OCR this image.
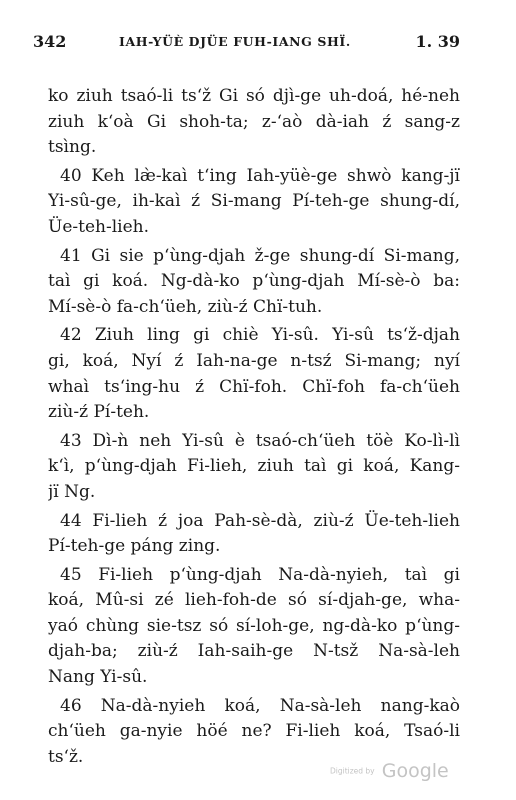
342	IAH-YÜÈ DJÜE FUH-IANG SHÏ.	1. 39
ko ziuh tsaó-li ts‘ž Gi só djì-ge uh-doá, hé-neh
ziuh k‘oà Gi shoh-ta; z-‘aò dà-iah ź sang-z
tsìng.
40 Keh læ̀-kaì t‘ing Iah-yüè-ge shwò kang-jï
Yi-sû-ge, ih-kaì ź Si-mang Pí-teh-ge shung-dí,
Üe-teh-lieh.
41 Gi sie p‘ùng-djah ž-ge shung-dí Si-mang,
taì gi koá. Ng-dà-ko p‘ùng-djah Mí-sè-ò ba:
Mí-sè-ò fa-ch‘üeh, ziù-ź Chï-tuh.
42 Ziuh ling gi chiè Yi-sû. Yi-sû ts‘ž-djah
gi, koá, Nyí ź Iah-na-ge n-tsź Si-mang; nyí
whaì ts‘ing-hu ź Chï-foh. Chï-foh fa-ch‘üeh
ziù-ź Pí-teh.
43 Dì-ǹ neh Yi-sû è tsaó-ch‘üeh töè Ko-lì-lì
k‘ì, p‘ùng-djah Fi-lieh, ziuh taì gi koá, Kang-
jï Ng.
44 Fi-lieh ź joa Pah-sè-dà, ziù-ź Üe-teh-lieh
Pí-teh-ge páng zing.
45 Fi-lieh p‘ùng-djah Na-dà-nyieh, taì gi
koá, Mû-si zé lieh-foh-de só sí-djah-ge, wha-
yaó chùng sie-tsz só sí-loh-ge, ng-dà-ko p‘ùng-
djah-ba; ziù-ź Iah-saih-ge N-tsž Na-sà-leh
Nang Yi-sû.
46 Na-dà-nyieh koá, Na-sà-leh nang-kaò
ch‘üeh ga-nyie höé ne? Fi-lieh koá, Tsaó-li
ts‘ž.
Digitized by Google
